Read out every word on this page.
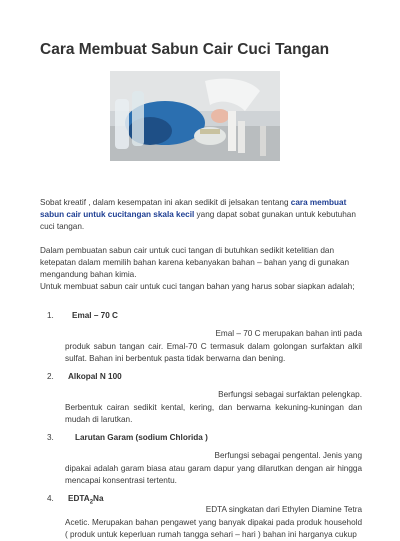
Cara Membuat Sabun Cair Cuci Tangan

Sobat kreatif , dalam kesempatan ini akan sedikit di jelsakan tentang cara membuat sabun cair untuk cucitangan skala kecil yang dapat sobat gunakan untuk kebutuhan cuci tangan.

Dalam pembuatan sabun cair untuk cuci tangan di butuhkan sedikit ketelitian dan ketepatan dalam memilih bahan karena kebanyakan bahan – bahan yang di gunakan mengandung bahan kimia.

Untuk membuat sabun cair untuk cuci tangan bahan yang harus sobar siapkan adalah;

1. Emal – 70 C
Emal – 70 C merupakan bahan inti pada

produk sabun tangan cair. Emal-70 C termasuk dalam golongan surfaktan alkil sulfat. Bahan ini berbentuk pasta tidak berwarna dan bening.

2. Alkopal N 100
Berfungsi sebagai surfaktan pelengkap.

Berbentuk cairan sedikit kental, kering, dan berwarna kekuning-kuningan dan mudah di larutkan.

3.	Larutan Garam (sodium Chlorida )
Berfungsi sebagai pengental. Jenis yang

dipakai adalah garam biasa atau garam dapur yang dilarutkan dengan air hingga mencapai konsentrasi tertentu.

4. $EDTA_2Na$
EDTA singkatan dari Ethylen Diamine Tetra

Acetic. Merupakan bahan pengawet yang banyak dipakai pada produk household ( produk untuk keperluan rumah tangga sehari – hari ) bahan ini harganya cukup
